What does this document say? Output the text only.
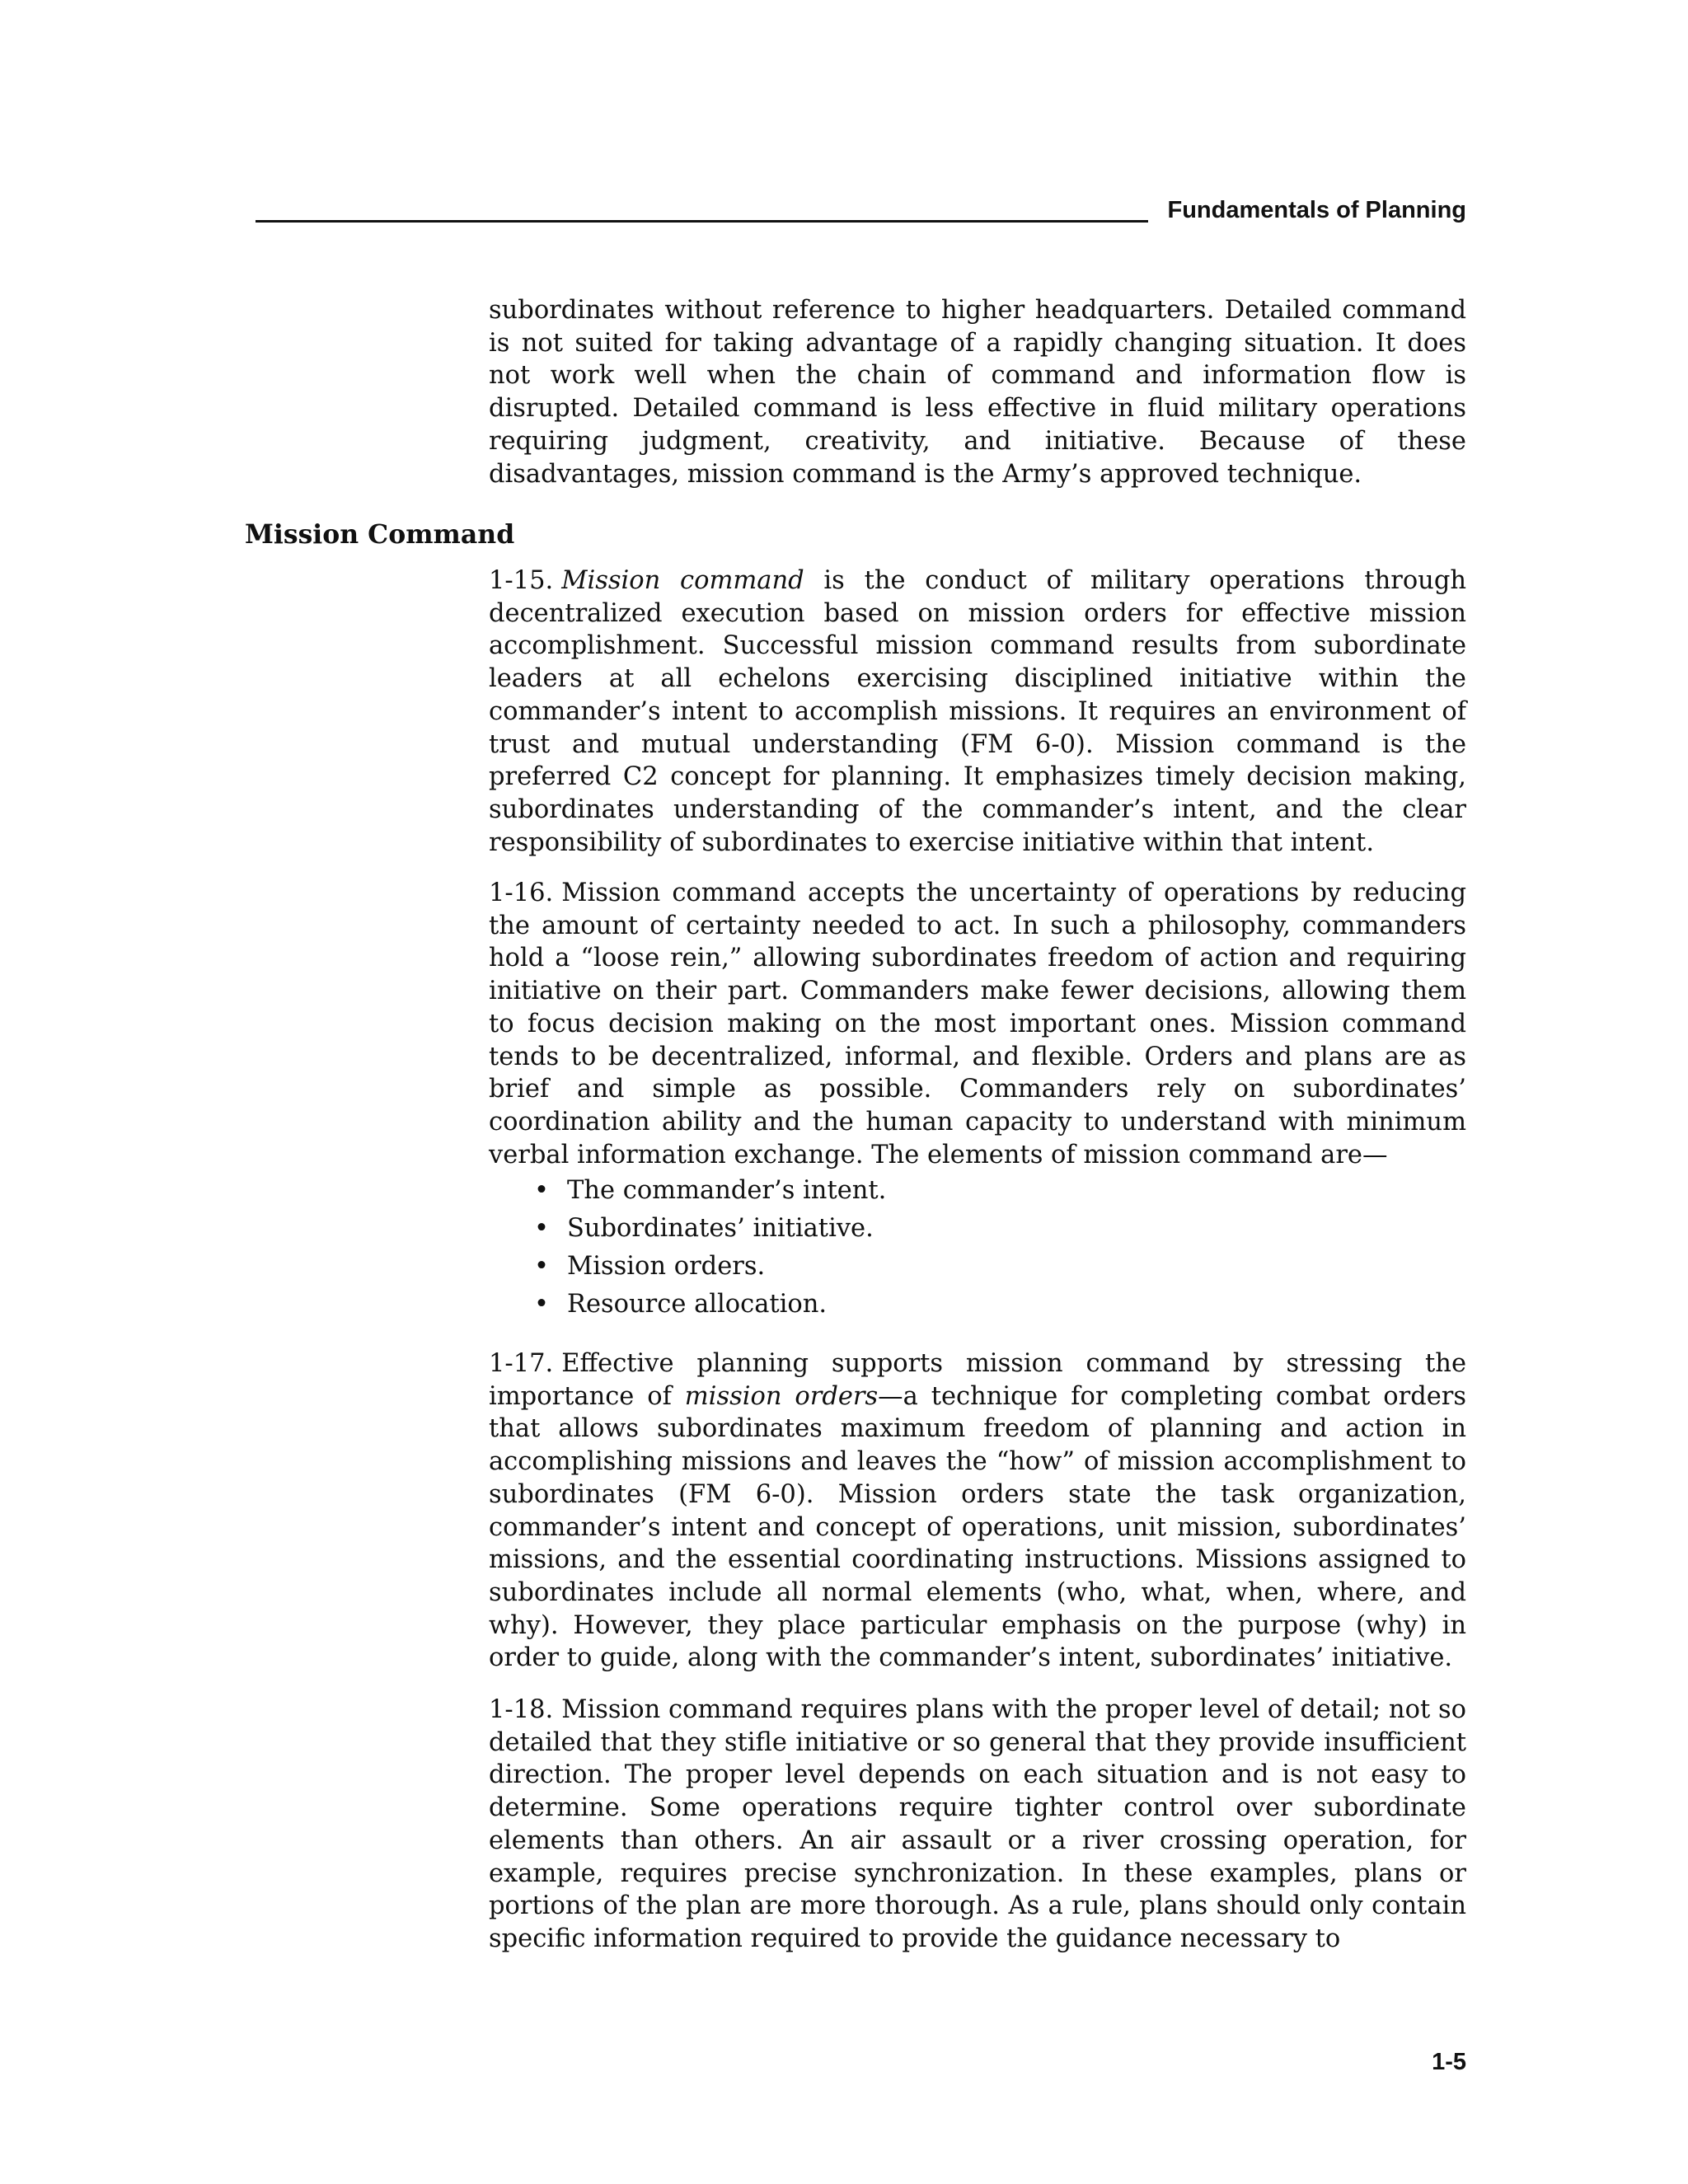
Fundamentals of Planning

subordinates without reference to higher headquarters. Detailed command is not suited for taking advantage of a rapidly changing situation. It does not work well when the chain of command and information flow is disrupted. Detailed command is less effective in fluid military operations requiring judgment, creativity, and initiative. Because of these disadvantages, mission command is the Army’s approved technique.

Mission Command

1-15. Mission command is the conduct of military operations through decentralized execution based on mission orders for effective mission accomplishment. Successful mission command results from subordinate leaders at all echelons exercising disciplined initiative within the commander’s intent to accomplish missions. It requires an environment of trust and mutual understanding (FM 6-0). Mission command is the preferred C2 concept for planning. It emphasizes timely decision making, subordinates understanding of the commander’s intent, and the clear responsibility of subordinates to exercise initiative within that intent.

1-16. Mission command accepts the uncertainty of operations by reducing the amount of certainty needed to act. In such a philosophy, commanders hold a “loose rein,” allowing subordinates freedom of action and requiring initiative on their part. Commanders make fewer decisions, allowing them to focus decision making on the most important ones. Mission command tends to be decentralized, informal, and flexible. Orders and plans are as brief and simple as possible. Commanders rely on subordinates’ coordination ability and the human capacity to understand with minimum verbal information exchange. The elements of mission command are—

• The commander’s intent.
• Subordinates’ initiative.
• Mission orders.
• Resource allocation.

1-17. Effective planning supports mission command by stressing the importance of mission orders—a technique for completing combat orders that allows subordinates maximum freedom of planning and action in accomplishing missions and leaves the “how” of mission accomplishment to subordinates (FM 6-0). Mission orders state the task organization, commander’s intent and concept of operations, unit mission, subordinates’ missions, and the essential coordinating instructions. Missions assigned to subordinates include all normal elements (who, what, when, where, and why). However, they place particular emphasis on the purpose (why) in order to guide, along with the commander’s intent, subordinates’ initiative.

1-18. Mission command requires plans with the proper level of detail; not so detailed that they stifle initiative or so general that they provide insufficient direction. The proper level depends on each situation and is not easy to determine. Some operations require tighter control over subordinate elements than others. An air assault or a river crossing operation, for example, requires precise synchronization. In these examples, plans or portions of the plan are more thorough. As a rule, plans should only contain specific information required to provide the guidance necessary to

1-5
